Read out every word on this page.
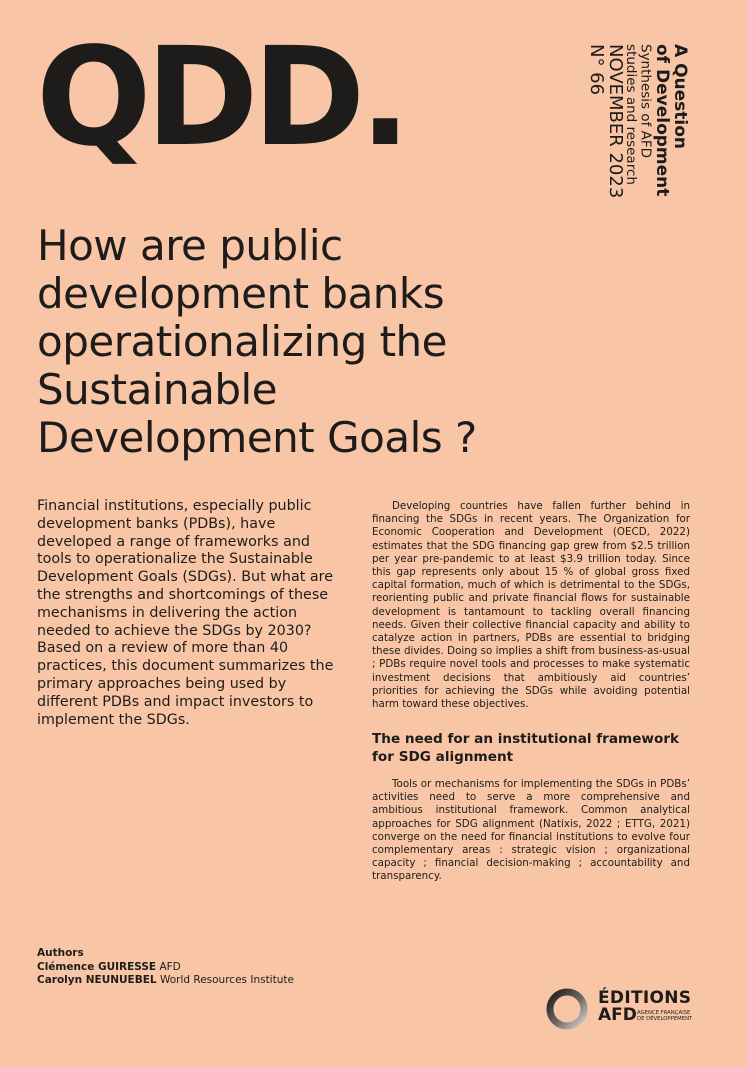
QDD.	A Question
of Development
Synthesis of AFD
studies and research
NOVEMBER 2023
N° 66
How are public development banks operationalizing the Sustainable Development Goals ?

Financial institutions, especially public development banks (PDBs), have developed a range of frameworks and tools to operationalize the Sustainable Development Goals (SDGs). But what are the strengths and shortcomings of these mechanisms in delivering the action needed to achieve the SDGs by 2030? Based on a review of more than 40 practices, this document summarizes the primary approaches being used by different PDBs and impact investors to implement the SDGs.

Developing countries have fallen further behind in financing the SDGs in recent years. The Organization for Economic Cooperation and Development (OECD, 2022) estimates that the SDG financing gap grew from $2.5 trillion per year pre-pandemic to at least $3.9 trillion today. Since this gap represents only about 15 % of global gross fixed capital formation, much of which is detrimental to the SDGs, reorienting public and private financial flows for sustainable development is tantamount to tackling overall financing needs. Given their collective financial capacity and ability to catalyze action in partners, PDBs are essential to bridging these divides. Doing so implies a shift from business-as-usual ; PDBs require novel tools and processes to make systematic investment decisions that ambitiously aid countries’ priorities for achieving the SDGs while avoiding potential harm toward these objectives.

The need for an institutional framework for SDG alignment

Tools or mechanisms for implementing the SDGs in PDBs’ activities need to serve a more comprehensive and ambitious institutional framework. Common analytical approaches for SDG alignment (Natixis, 2022 ; ETTG, 2021) converge on the need for financial institutions to evolve four complementary areas : strategic vision ; organizational capacity ; financial decision-making ; accountability and transparency.

Authors
Clémence GUIRESSE AFD
Carolyn NEUNUEBEL World Resources Institute
ÉDITIONS
AFD AGENCE FRANÇAISE DE DÉVELOPPEMENT
